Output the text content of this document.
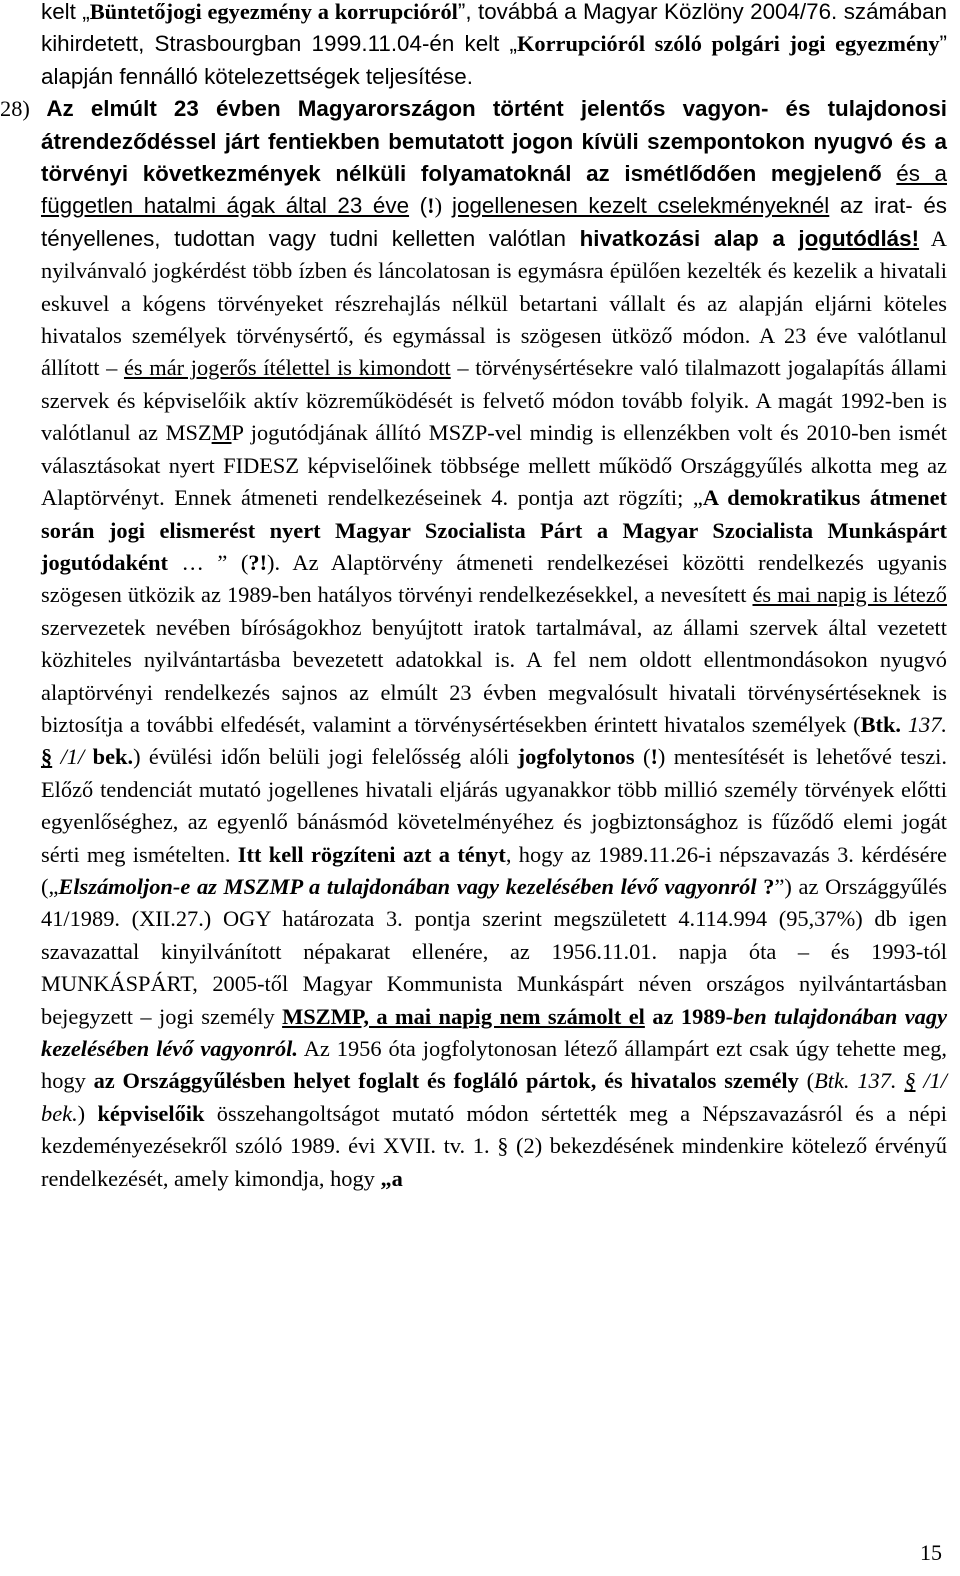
kelt „Büntetőjogi egyezmény a korrupcióról”, továbbá a Magyar Közlöny 2004/76. számában kihirdetett, Strasbourgban 1999.11.04-én kelt „Korrupcióról szóló polgári jogi egyezmény” alapján fennálló kötelezettségek teljesítése.

28) Az elmúlt 23 évben Magyarországon történt jelentős vagyon- és tulajdonosi átrendeződéssel járt fentiekben bemutatott jogon kívüli szempontokon nyugvó és a törvényi következmények nélküli folyamatoknál az ismétlődően megjelenő és a független hatalmi ágak által 23 éve (!) jogellenesen kezelt cselekményeknél az irat- és tényellenes, tudottan vagy tudni kelletten valótlan hivatkozási alap a jogutódlás! A nyilvánvaló jogkérdést több ízben és láncolatosan is egymásra épülően kezelték és kezelik a hivatali eskuvel a kógens törvényeket részrehajlás nélkül betartani vállalt és az alapján eljárni köteles hivatalos személyek törvénysértő, és egymással is szögesen ütköző módon. A 23 éve valótlanul állított – és már jogerős ítélettel is kimondott – törvénysértésekre való tilalmazott jogalapítás állami szervek és képviselőik aktív közreműködését is felvető módon tovább folyik. A magát 1992-ben is valótlanul az MSZMP jogutódjának állító MSZP-vel mindig is ellenzékben volt és 2010-ben ismét választásokat nyert FIDESZ képviselőinek többsége mellett működő Országgyűlés alkotta meg az Alaptörvényt. Ennek átmeneti rendelkezéseinek 4. pontja azt rögzíti; „A demokratikus átmenet során jogi elismerést nyert Magyar Szocialista Párt a Magyar Szocialista Munkáspárt jogutódaként … ” (?!). Az Alaptörvény átmeneti rendelkezései közötti rendelkezés ugyanis szögesen ütközik az 1989-ben hatályos törvényi rendelkezésekkel, a nevesített és mai napig is létező szervezetek nevében bíróságokhoz benyújtott iratok tartalmával, az állami szervek által vezetett közhiteles nyilvántartásba bevezetett adatokkal is. A fel nem oldott ellentmondásokon nyugvó alaptörvényi rendelkezés sajnos az elmúlt 23 évben megvalósult hivatali törvénysértéseknek is biztosítja a további elfedését, valamint a törvénysértésekben érintett hivatalos személyek (Btk. 137. § /1/ bek.) évülési időn belüli jogi felelősség alóli jogfolytonos (!) mentesítését is lehetővé teszi. Előző tendenciát mutató jogellenes hivatali eljárás ugyanakkor több millió személy törvények előtti egyenlőséghez, az egyenlő bánásmód követelményéhez és jogbiztonsághoz is fűződő elemi jogát sérti meg ismételten. Itt kell rögzíteni azt a tényt, hogy az 1989.11.26-i népszavazás 3. kérdésére („Elszámoljon-e az MSZMP a tulajdonában vagy kezelésében lévő vagyonról ?”) az Országgyűlés 41/1989. (XII.27.) OGY határozata 3. pontja szerint megszületett 4.114.994 (95,37%) db igen szavazattal kinyilvánított népakarat ellenére, az 1956.11.01. napja óta – és 1993-tól MUNKÁSPÁRT, 2005-től Magyar Kommunista Munkáspárt néven országos nyilvántartásban bejegyzett – jogi személy MSZMP, a mai napig nem számolt el az 1989-ben tulajdonában vagy kezelésében lévő vagyonról. Az 1956 óta jogfolytonosan létező állampárt ezt csak úgy tehette meg, hogy az Országgyűlésben helyet foglalt és fogláló pártok, és hivatalos személy (Btk. 137. § /1/ bek.) képviselőik összehangoltságot mutató módon sértették meg a Népszavazásról és a népi kezdeményezésekről szóló 1989. évi XVII. tv. 1. § (2) bekezdésének mindenkire kötelező érvényű rendelkezését, amely kimondja, hogy „a

15
